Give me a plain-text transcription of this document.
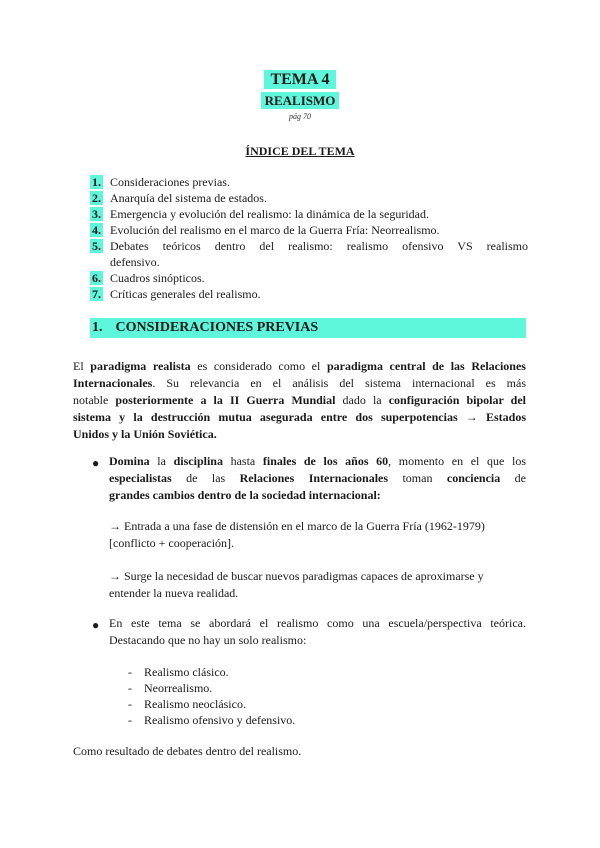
TEMA 4
REALISMO
pág 70
ÍNDICE DEL TEMA
1. Consideraciones previas.
2. Anarquía del sistema de estados.
3. Emergencia y evolución del realismo: la dinámica de la seguridad.
4. Evolución del realismo en el marco de la Guerra Fría: Neorrealismo.
5. Debates teóricos dentro del realismo: realismo ofensivo VS realismo
defensivo.
6. Cuadros sinópticos.
7. Críticas generales del realismo.
1. CONSIDERACIONES PREVIAS
El paradigma realista es considerado como el paradigma central de las Relaciones
Internacionales. Su relevancia en el análisis del sistema internacional es más
notable posteriormente a la II Guerra Mundial dado la configuración bipolar del
sistema y la destrucción mutua asegurada entre dos superpotencias → Estados
Unidos y la Unión Soviética.
● Domina la disciplina hasta finales de los años 60, momento en el que los
especialistas de las Relaciones Internacionales toman conciencia de
grandes cambios dentro de la sociedad internacional:
→ Entrada a una fase de distensión en el marco de la Guerra Fría (1962-1979)
[conflicto + cooperación].
→ Surge la necesidad de buscar nuevos paradigmas capaces de aproximarse y
entender la nueva realidad.
● En este tema se abordará el realismo como una escuela/perspectiva teórica.
Destacando que no hay un solo realismo:
- Realismo clásico.
- Neorrealismo.
- Realismo neoclásico.
- Realismo ofensivo y defensivo.
Como resultado de debates dentro del realismo.
